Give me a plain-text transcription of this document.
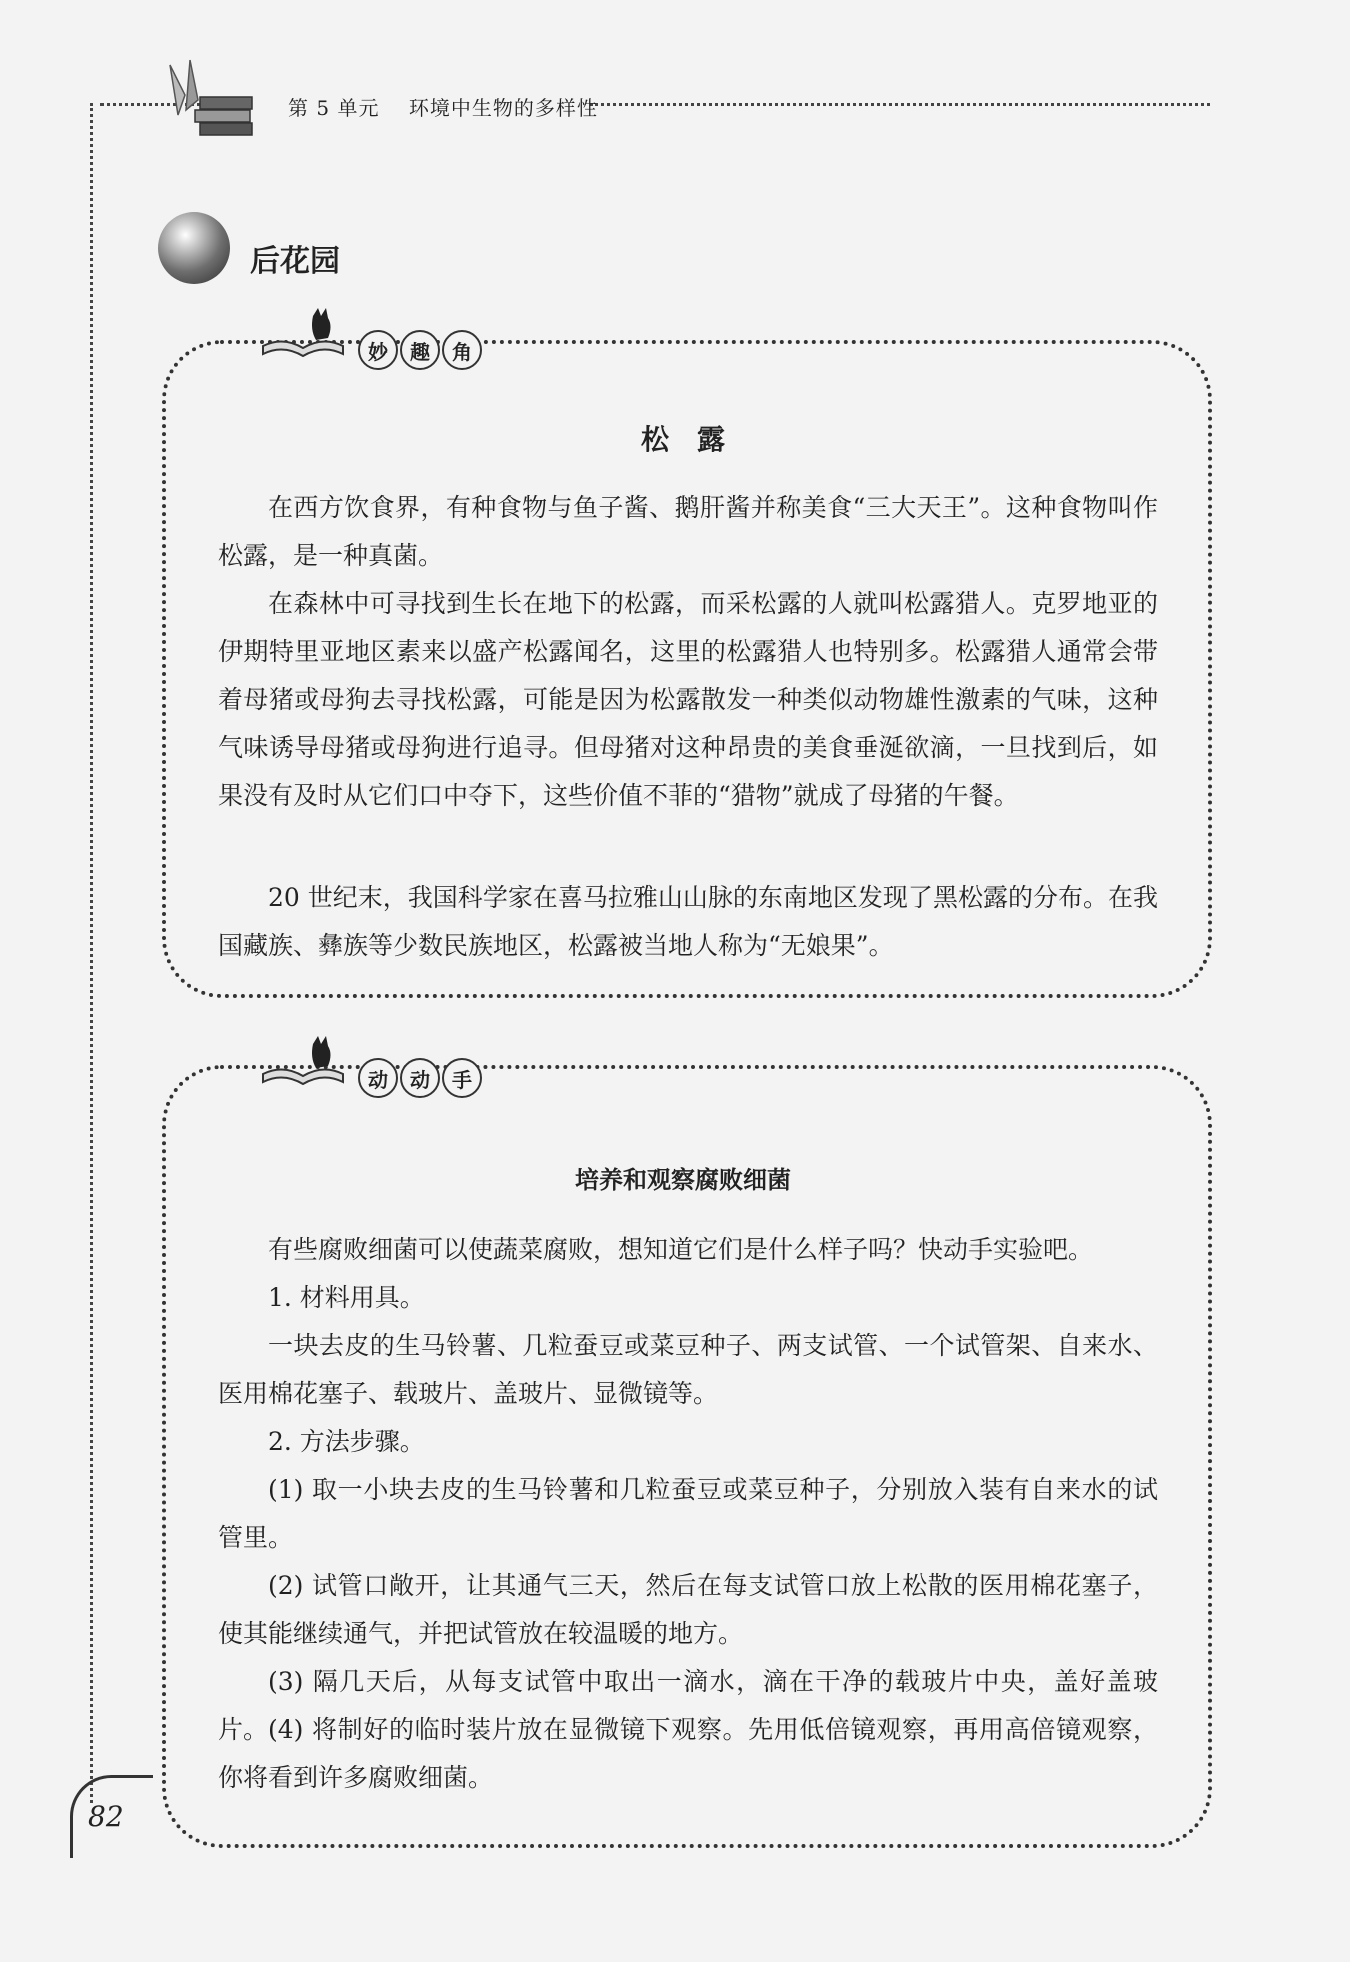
第 5 单元 环境中生物的多样性
后花园
妙	趣	角
松　露

在西方饮食界，有种食物与鱼子酱、鹅肝酱并称美食“三大天王”。这种食物叫作松露，是一种真菌。

在森林中可寻找到生长在地下的松露，而采松露的人就叫松露猎人。克罗地亚的伊期特里亚地区素来以盛产松露闻名，这里的松露猎人也特别多。松露猎人通常会带着母猪或母狗去寻找松露，可能是因为松露散发一种类似动物雄性激素的气味，这种气味诱导母猪或母狗进行追寻。但母猪对这种昂贵的美食垂涎欲滴，一旦找到后，如果没有及时从它们口中夺下，这些价值不菲的“猎物”就成了母猪的午餐。

20 世纪末，我国科学家在喜马拉雅山山脉的东南地区发现了黑松露的分布。在我国藏族、彝族等少数民族地区，松露被当地人称为“无娘果”。

动	动	手
培养和观察腐败细菌

有些腐败细菌可以使蔬菜腐败，想知道它们是什么样子吗？快动手实验吧。

1. 材料用具。

一块去皮的生马铃薯、几粒蚕豆或菜豆种子、两支试管、一个试管架、自来水、医用棉花塞子、载玻片、盖玻片、显微镜等。

2. 方法步骤。

(1) 取一小块去皮的生马铃薯和几粒蚕豆或菜豆种子，分别放入装有自来水的试管里。

(2) 试管口敞开，让其通气三天，然后在每支试管口放上松散的医用棉花塞子，使其能继续通气，并把试管放在较温暖的地方。

(3) 隔几天后，从每支试管中取出一滴水，滴在干净的载玻片中央，盖好盖玻片。 (4) 将制好的临时装片放在显微镜下观察。先用低倍镜观察，再用高倍镜观察，你将看到许多腐败细菌。

82
